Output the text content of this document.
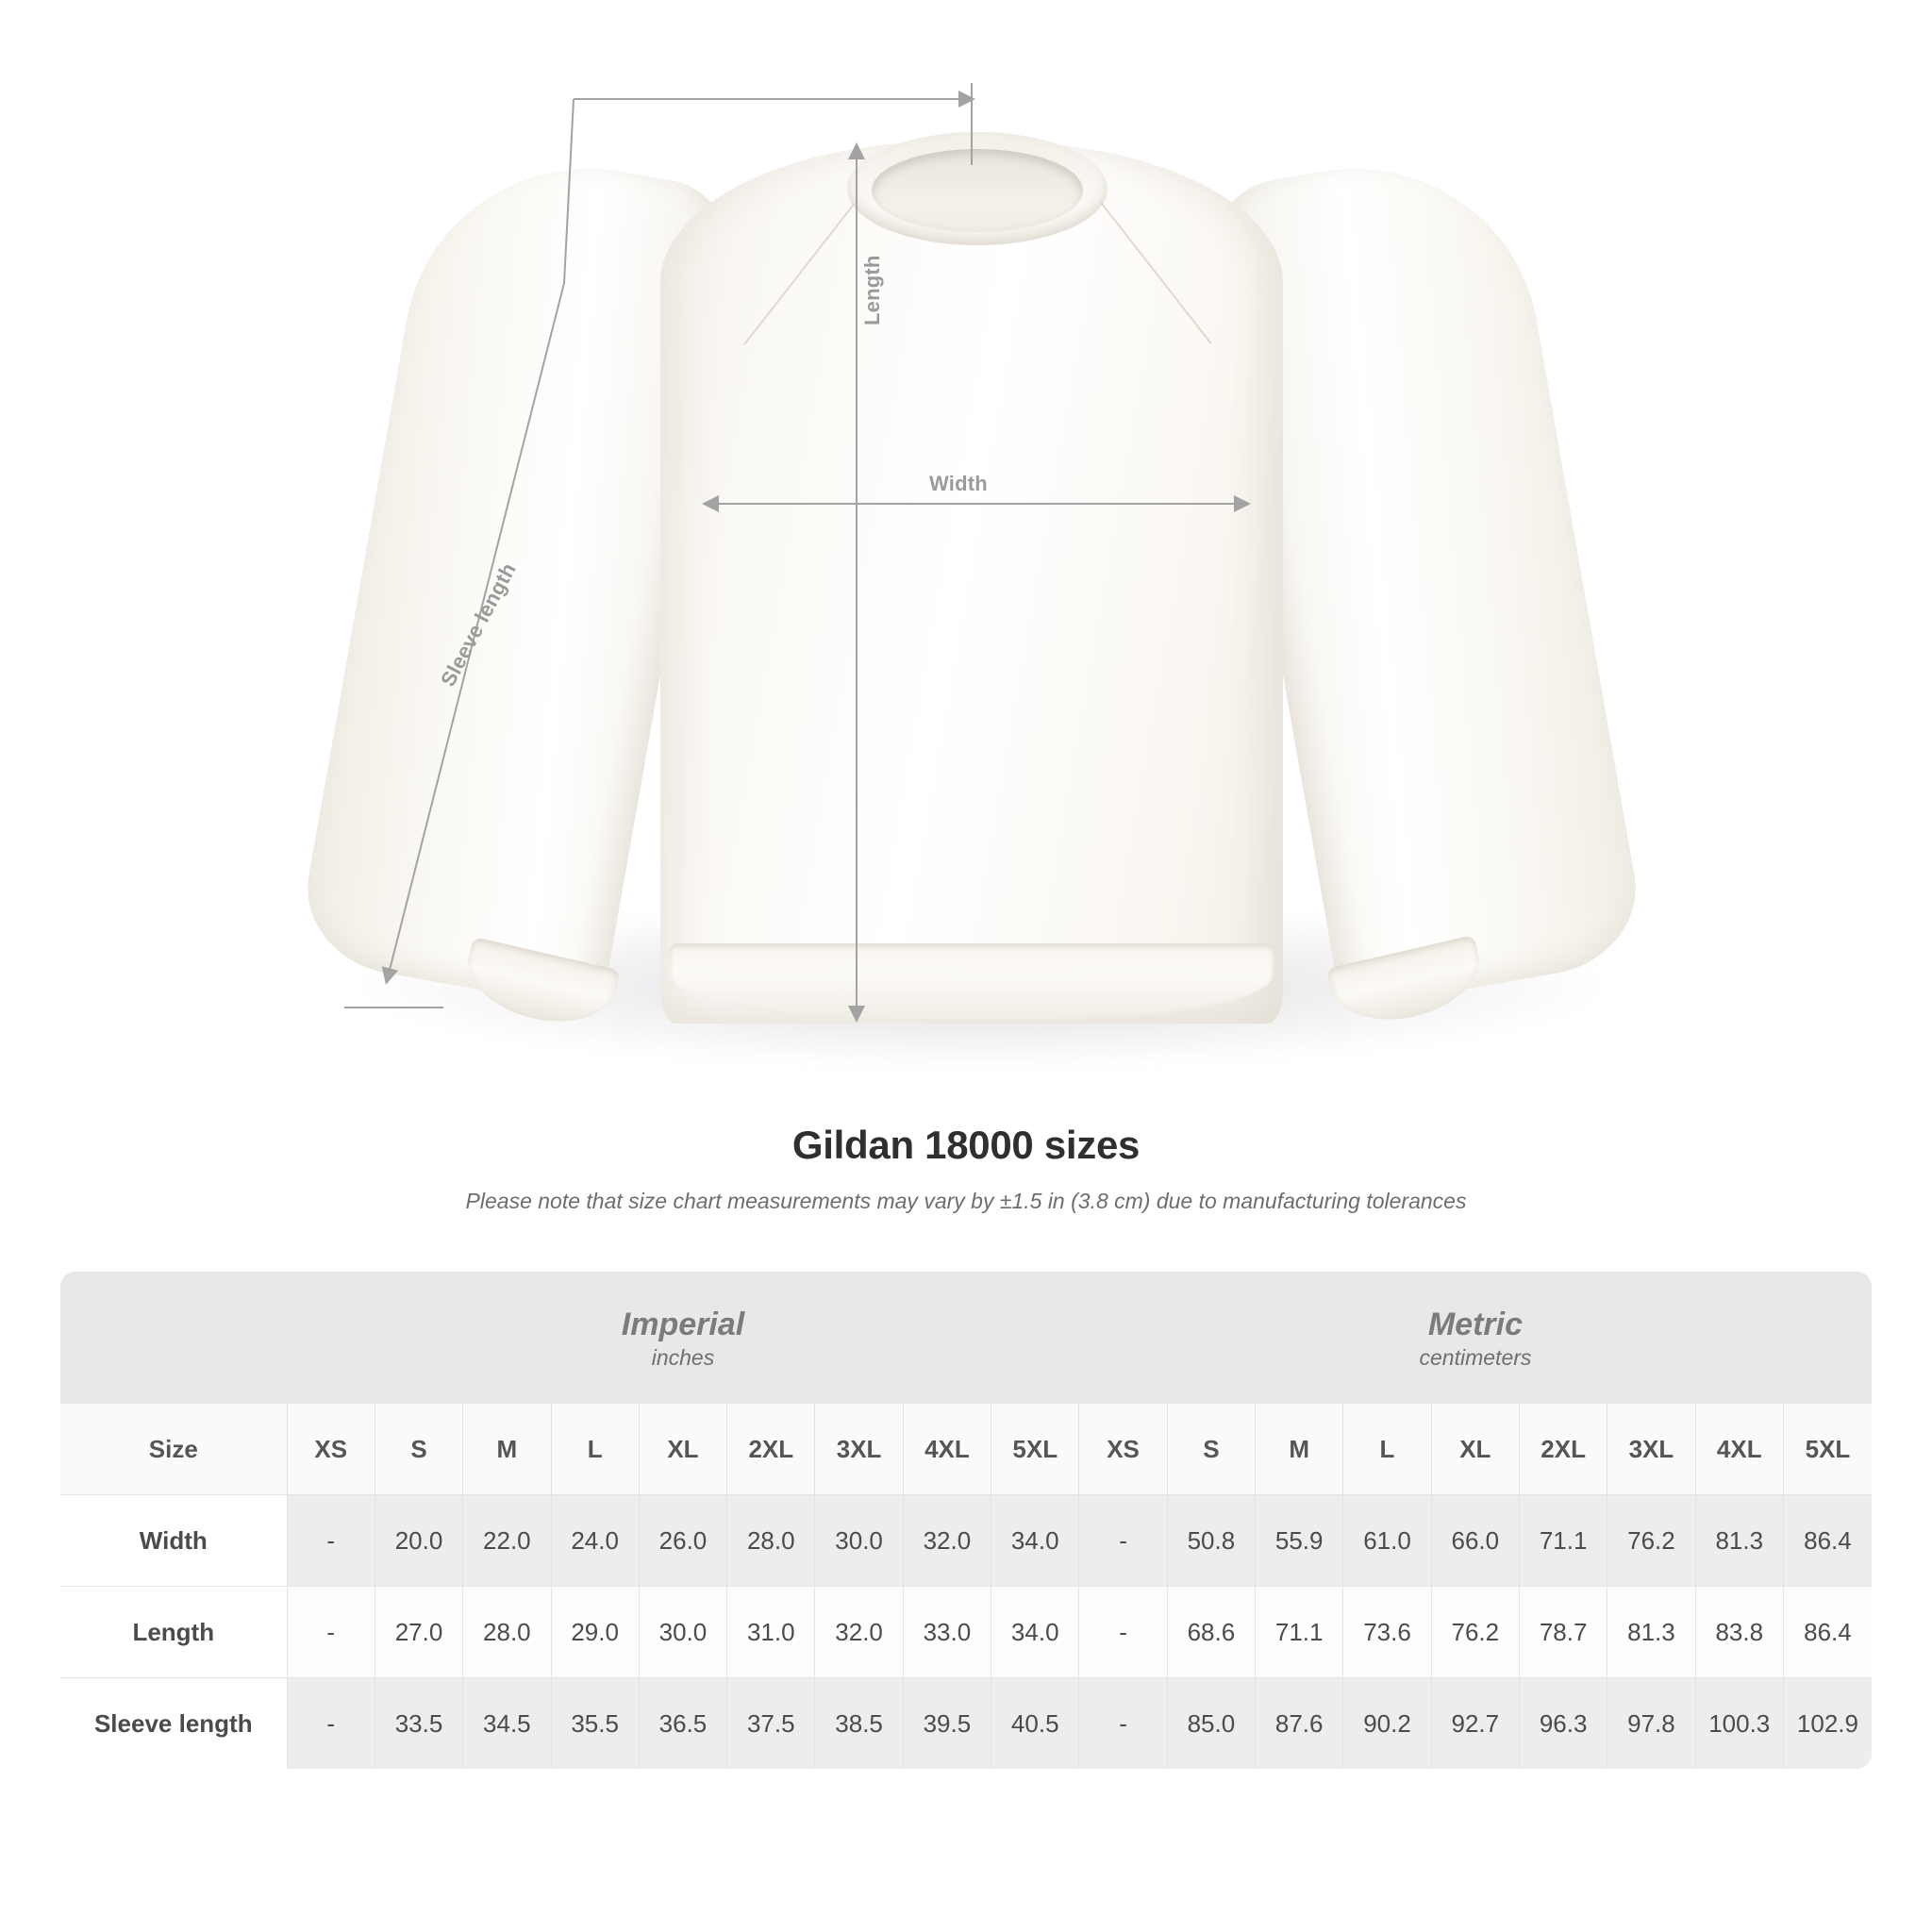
Length
Width
Sleeve length
Gildan 18000 sizes
Please note that size chart measurements may vary by ±1.5 in (3.8 cm) due to manufacturing tolerances

Imperial
inches

Metric
centimeters

Size	XS	S	M	L	XL	2XL	3XL	4XL	5XL	XS	S	M	L	XL	2XL	3XL	4XL	5XL
Width	-	20.0	22.0	24.0	26.0	28.0	30.0	32.0	34.0	-	50.8	55.9	61.0	66.0	71.1	76.2	81.3	86.4
Length	-	27.0	28.0	29.0	30.0	31.0	32.0	33.0	34.0	-	68.6	71.1	73.6	76.2	78.7	81.3	83.8	86.4
Sleeve length	-	33.5	34.5	35.5	36.5	37.5	38.5	39.5	40.5	-	85.0	87.6	90.2	92.7	96.3	97.8	100.3	102.9
